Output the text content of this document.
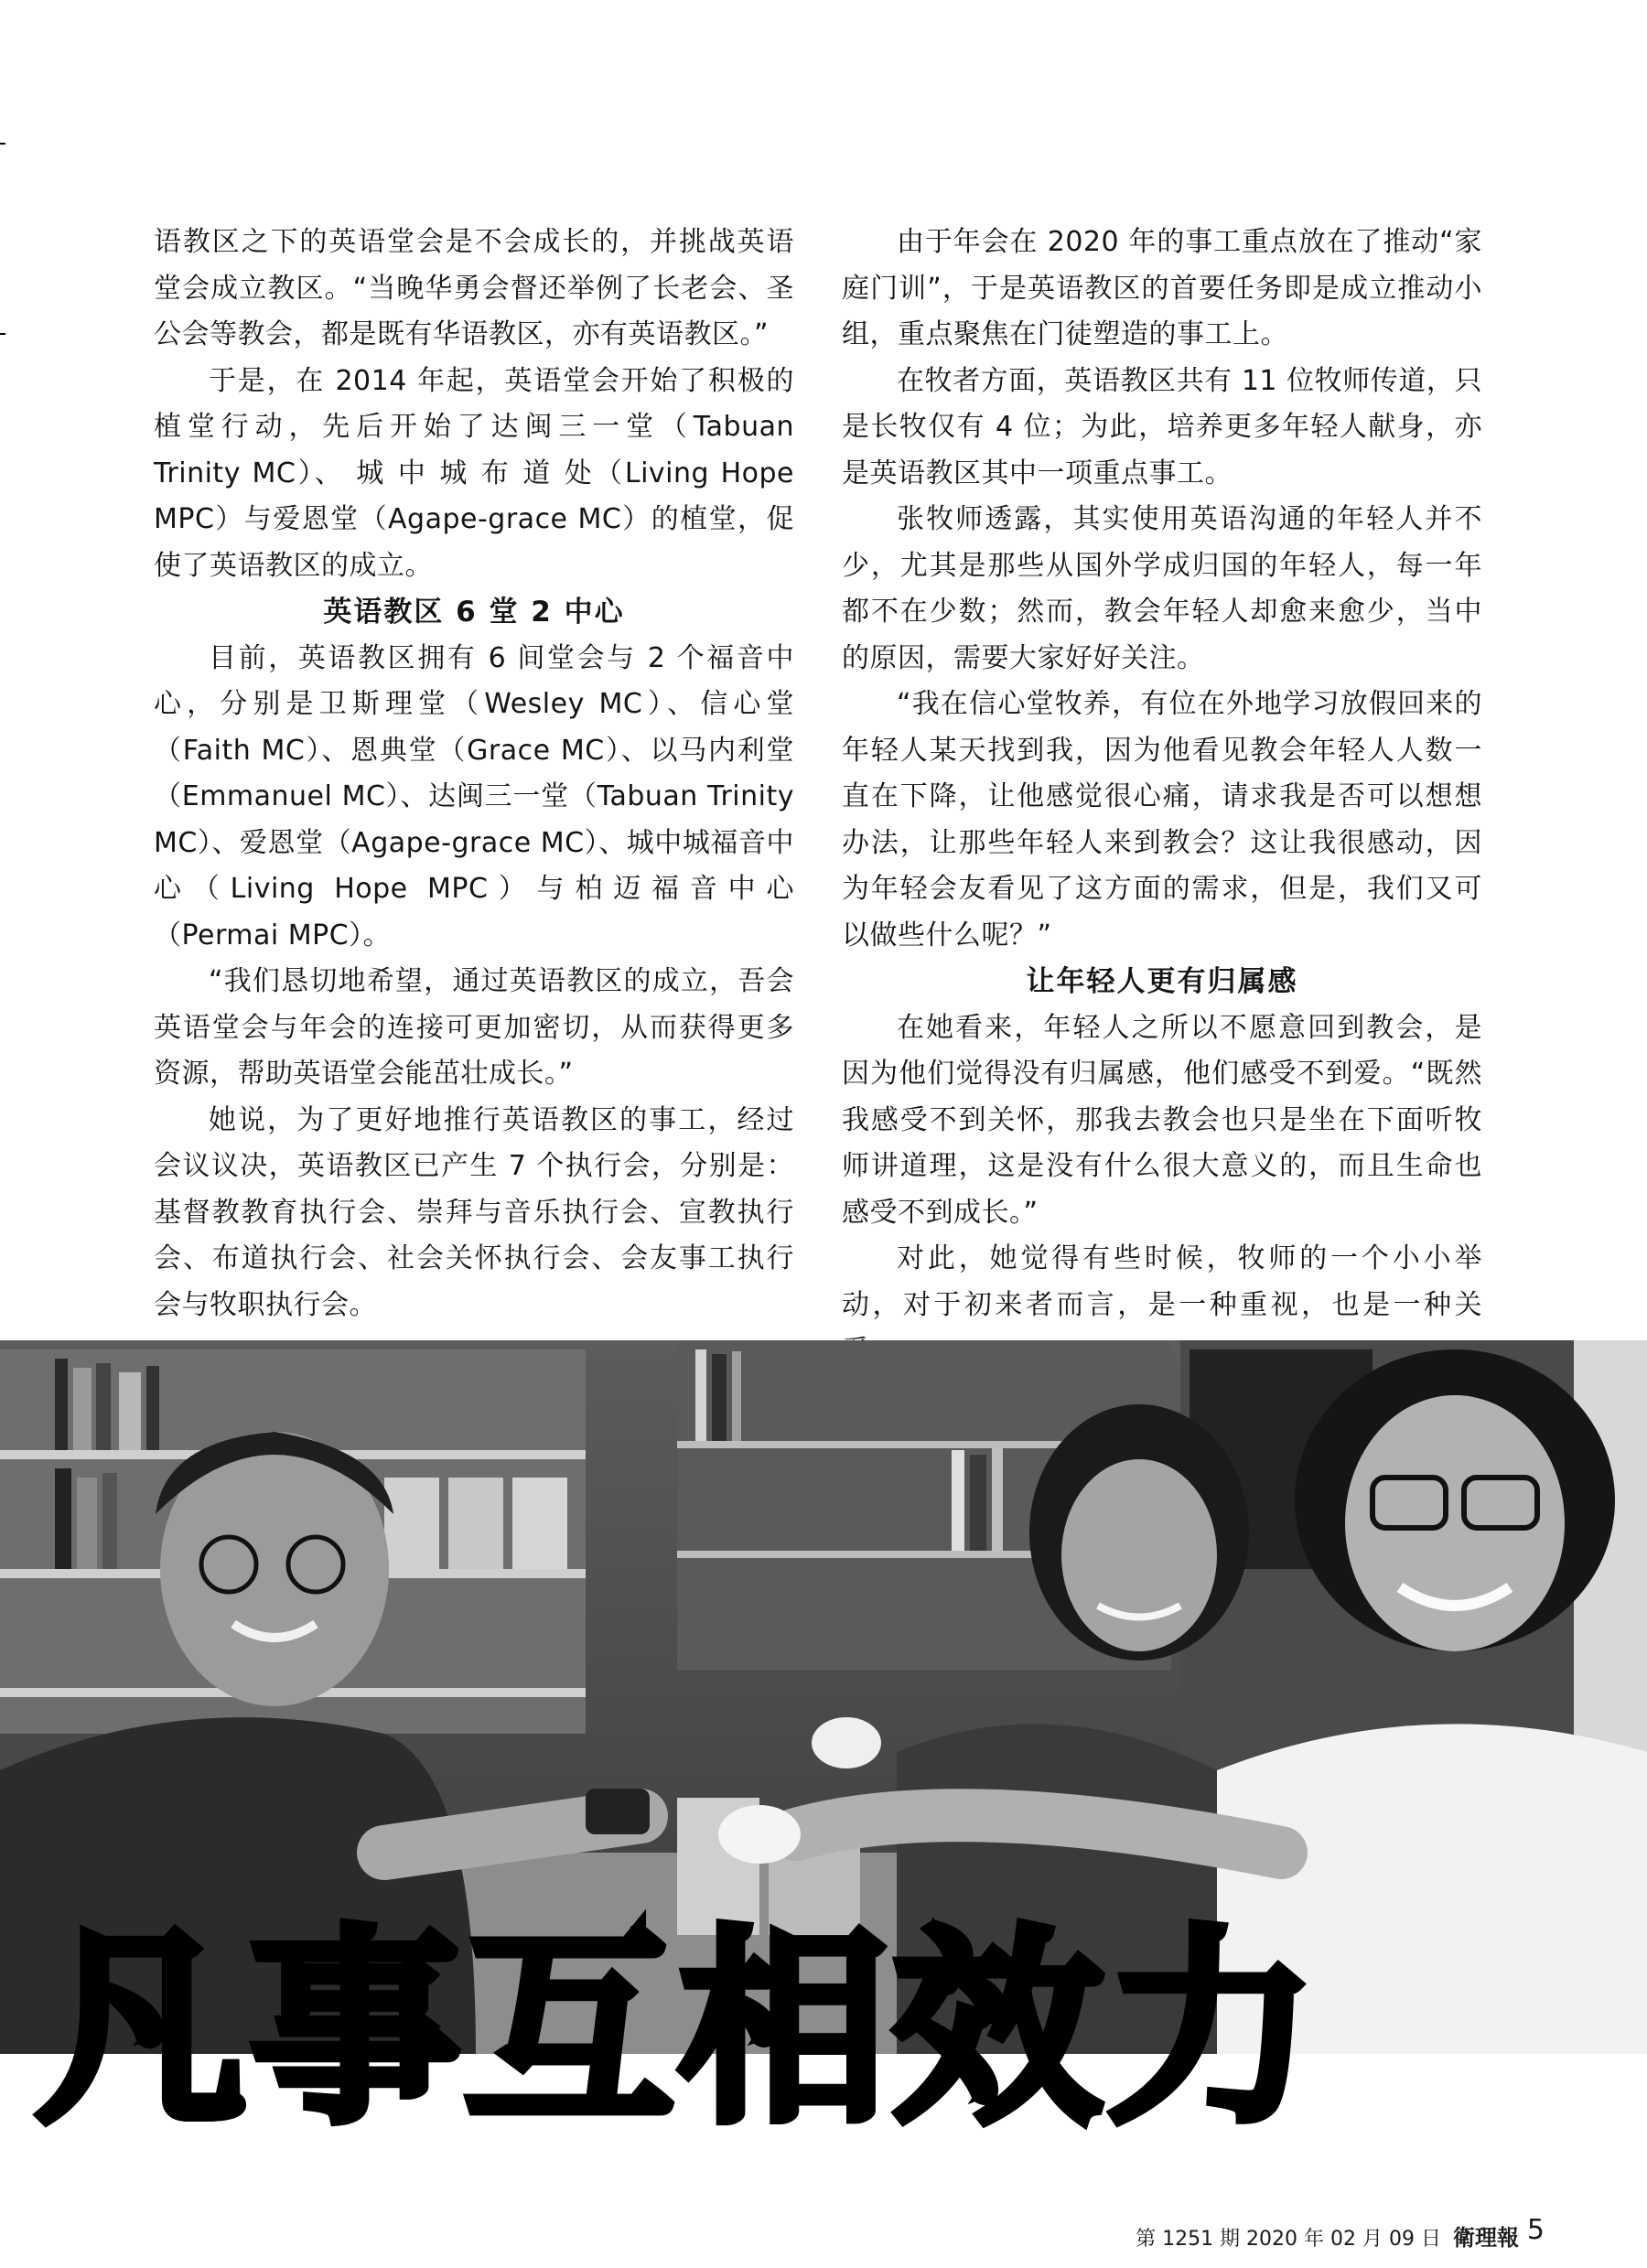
语教区之下的英语堂会是不会成长的，并挑战英语堂会成立教区。“当晚华勇会督还举例了长老会、圣公会等教会，都是既有华语教区，亦有英语教区。”

于是，在 2014 年起，英语堂会开始了积极的植堂行动，先后开始了达闽三一堂（Tabuan Trinity MC）、 城 中 城 布 道 处（Living Hope MPC）与爱恩堂（Agape-grace MC）的植堂，促使了英语教区的成立。

英语教区 6 堂 2 中心

目前，英语教区拥有 6 间堂会与 2 个福音中心，分别是卫斯理堂（Wesley MC）、信心堂（Faith MC）、恩典堂（Grace MC）、以马内利堂（Emmanuel MC）、达闽三一堂（Tabuan Trinity MC）、爱恩堂（Agape-grace MC）、城中城福音中心（Living Hope MPC）与柏迈福音中心（Permai MPC）。

“我们恳切地希望，通过英语教区的成立，吾会英语堂会与年会的连接可更加密切，从而获得更多资源，帮助英语堂会能茁壮成长。”

她说，为了更好地推行英语教区的事工，经过会议议决，英语教区已产生 7 个执行会，分别是：基督教教育执行会、崇拜与音乐执行会、宣教执行会、布道执行会、社会关怀执行会、会友事工执行会与牧职执行会。

由于年会在 2020 年的事工重点放在了推动“家庭门训”，于是英语教区的首要任务即是成立推动小组，重点聚焦在门徒塑造的事工上。

在牧者方面，英语教区共有 11 位牧师传道，只是长牧仅有 4 位；为此，培养更多年轻人献身，亦是英语教区其中一项重点事工。

张牧师透露，其实使用英语沟通的年轻人并不少，尤其是那些从国外学成归国的年轻人，每一年都不在少数；然而，教会年轻人却愈来愈少，当中的原因，需要大家好好关注。

“我在信心堂牧养，有位在外地学习放假回来的年轻人某天找到我，因为他看见教会年轻人人数一直在下降，让他感觉很心痛，请求我是否可以想想办法，让那些年轻人来到教会？这让我很感动，因为年轻会友看见了这方面的需求，但是，我们又可以做些什么呢？”

让年轻人更有归属感

在她看来，年轻人之所以不愿意回到教会，是因为他们觉得没有归属感，他们感受不到爱。“既然我感受不到关怀，那我去教会也只是坐在下面听牧师讲道理，这是没有什么很大意义的，而且生命也感受不到成长。”

对此，她觉得有些时候，牧师的一个小小举动，对于初来者而言，是一种重视，也是一种关

凡事互相效力
第 1251 期 2020 年 02 月 09 日 衛理報 5
